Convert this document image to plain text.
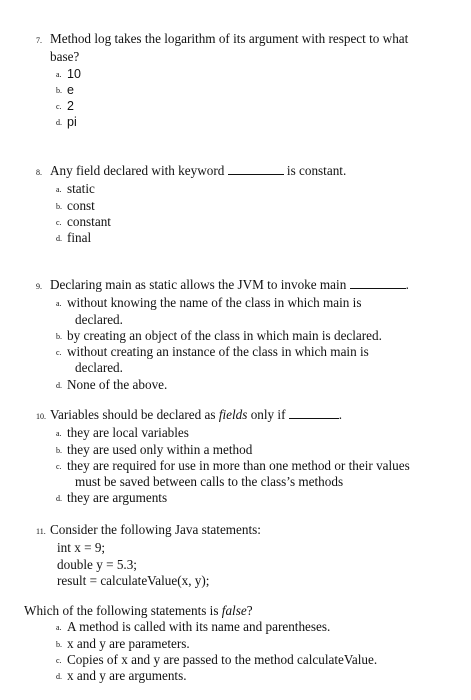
7. Method log takes the logarithm of its argument with respect to what
base?
a. 10
b. e
c. 2
d. pi
8. Any field declared with keyword	is constant.
a. static
b. const
c. constant
d. final
9. Declaring main as static allows the JVM to invoke main	.
a. without knowing the name of the class in which main is
declared.
b. by creating an object of the class in which main is declared.
c. without creating an instance of the class in which main is
declared.
d. None of the above.
10. Variables should be declared as fields only if	.
a. they are local variables
b. they are used only within a method
c. they are required for use in more than one method or their values
must be saved between calls to the class’s methods
d. they are arguments
11. Consider the following Java statements:
int x = 9;
double y = 5.3;
result = calculateValue(x, y);
Which of the following statements is false?
a. A method is called with its name and parentheses.
b. x and y are parameters.
c. Copies of x and y are passed to the method calculateValue.
d. x and y are arguments.
